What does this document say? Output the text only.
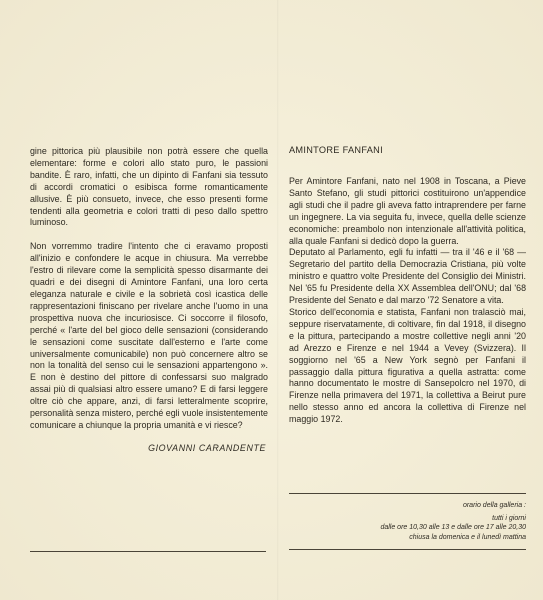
gine pittorica più plausibile non potrà essere che quella elementare: forme e colori allo stato puro, le passioni bandite. È raro, infatti, che un dipinto di Fanfani sia tessuto di accordi cromatici o esibisca forme romanticamente allusive. È più consueto, invece, che esso presenti forme tendenti alla geometria e colori tratti di peso dallo spettro luminoso.

Non vorremmo tradire l'intento che ci eravamo proposti all'inizio e confondere le acque in chiusura. Ma verrebbe l'estro di rilevare come la semplicità spesso disarmante dei quadri e dei disegni di Amintore Fanfani, una loro certa eleganza naturale e civile e la sobrietà così icastica delle rappresentazioni finiscano per rivelare anche l'uomo in una prospettiva nuova che incuriosisce. Ci soccorre il filosofo, perché « l'arte del bel gioco delle sensazioni (considerando le sensazioni come suscitate dall'esterno e l'arte come universalmente comunicabile) non può concernere altro se non la tonalità del senso cui le sensazioni appartengono ». E non è destino del pittore di confessarsi suo malgrado assai più di qualsiasi altro essere umano? E di farsi leggere oltre ciò che appare, anzi, di farsi letteralmente scoprire, personalità senza mistero, perché egli vuole insistentemente comunicare a chiunque la propria umanità e vi riesce?

GIOVANNI CARANDENTE
AMINTORE FANFANI

Per Amintore Fanfani, nato nel 1908 in Toscana, a Pieve Santo Stefano, gli studi pittorici costituirono un'appendice agli studi che il padre gli aveva fatto intraprendere per farne un ingegnere. La via seguita fu, invece, quella delle scienze economiche: preambolo non intenzionale all'attività politica, alla quale Fanfani si dedicò dopo la guerra.

Deputato al Parlamento, egli fu infatti — tra il '46 e il '68 — Segretario del partito della Democrazia Cristiana, più volte ministro e quattro volte Presidente del Consiglio dei Ministri. Nel '65 fu Presidente della XX Assemblea dell'ONU; dal '68 Presidente del Senato e dal marzo '72 Senatore a vita.

Storico dell'economia e statista, Fanfani non tralasciò mai, seppure riservatamente, di coltivare, fin dal 1918, il disegno e la pittura, partecipando a mostre collettive negli anni '20 ad Arezzo e Firenze e nel 1944 a Vevey (Svizzera). Il soggiorno nel '65 a New York segnò per Fanfani il passaggio dalla pittura figurativa a quella astratta: come hanno documentato le mostre di Sansepolcro nel 1970, di Firenze nella primavera del 1971, la collettiva a Beirut pure nello stesso anno ed ancora la collettiva di Firenze nel maggio 1972.

orario della galleria :
tutti i giorni
dalle ore 10,30 alle 13 e dalle ore 17 alle 20,30
chiusa la domenica e il lunedì mattina
